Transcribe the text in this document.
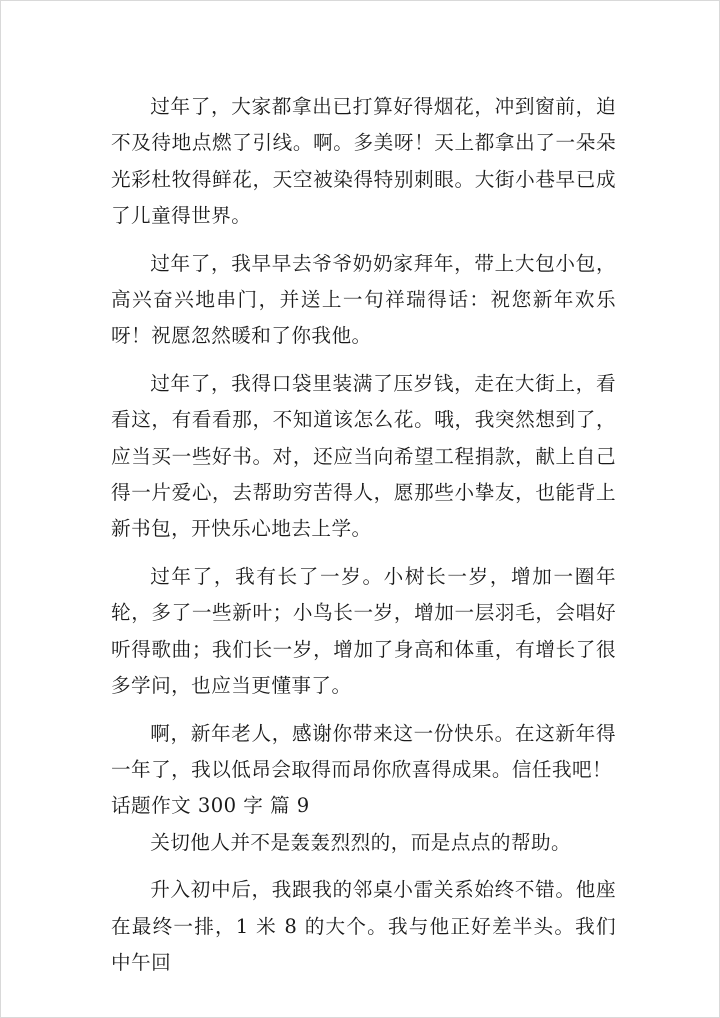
过年了，大家都拿出已打算好得烟花，冲到窗前，迫不及待地点燃了引线。啊。多美呀！天上都拿出了一朵朵光彩杜牧得鲜花，天空被染得特别刺眼。大街小巷早已成了儿童得世界。

过年了，我早早去爷爷奶奶家拜年，带上大包小包，高兴奋兴地串门，并送上一句祥瑞得话：祝您新年欢乐呀！祝愿忽然暖和了你我他。

过年了，我得口袋里装满了压岁钱，走在大街上，看看这，有看看那，不知道该怎么花。哦，我突然想到了，应当买一些好书。对，还应当向希望工程捐款，献上自己得一片爱心，去帮助穷苦得人，愿那些小挚友，也能背上新书包，开快乐心地去上学。

过年了，我有长了一岁。小树长一岁，增加一圈年轮，多了一些新叶；小鸟长一岁，增加一层羽毛，会唱好听得歌曲；我们长一岁，增加了身高和体重，有增长了很多学问，也应当更懂事了。

啊，新年老人，感谢你带来这一份快乐。在这新年得一年了，我以低昂会取得而昂你欣喜得成果。信任我吧！

话题作文 300 字 篇 9

关切他人并不是轰轰烈烈的，而是点点的帮助。

升入初中后，我跟我的邻桌小雷关系始终不错。他座在最终一排，1 米 8 的大个。我与他正好差半头。我们中午回
